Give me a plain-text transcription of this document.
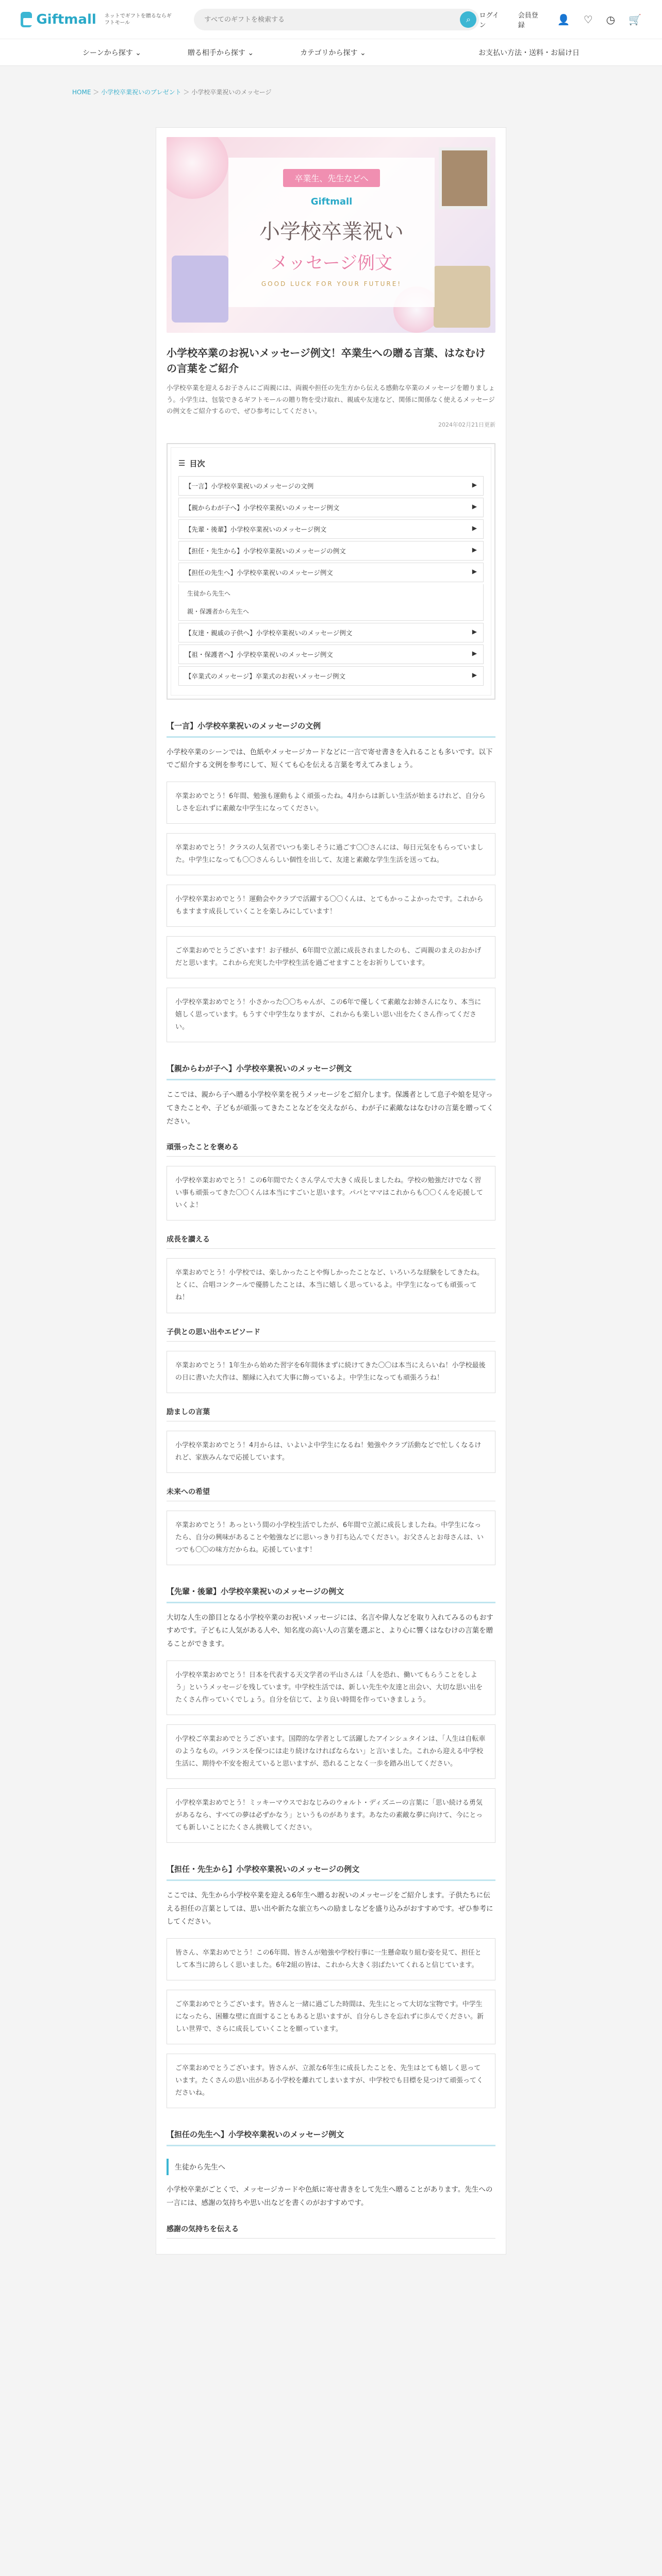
Giftmall ネットでギフトを贈るならギフトモール
すべてのギフトを検索する	⌕	ログイン
会員登録	👤 ♡ ◷ 🛒
シーンから探す ⌄	贈る相手から探す ⌄	カテゴリから探す ⌄	お支払い方法・送料・お届け日
HOME ＞ 小学校卒業祝いのプレゼント ＞ 小学校卒業祝いのメッセージ
卒業生、先生などへ
Giftmall
小学校卒業祝い
メッセージ例文
GOOD LUCK FOR YOUR FUTURE!
小学校卒業のお祝いメッセージ例文！卒業生への贈る言葉、はなむけの言葉をご紹介

小学校卒業を迎えるお子さんにご両親には、両親や担任の先生方から伝える感動な卒業のメッセージを贈りましょう。小学生は、包装できるギフトモールの贈り物を受け取れ、親戚や友達など、関係に関係なく使えるメッセージの例文をご紹介するので、ぜひ参考にしてください。

2024年02月21日更新
☰ 目次
【一言】小学校卒業祝いのメッセージの文例	▶
【親からわが子へ】小学校卒業祝いのメッセージ例文	▶
【先輩・後輩】小学校卒業祝いのメッセージ例文	▶
【担任・先生から】小学校卒業祝いのメッセージの例文	▶
【担任の先生へ】小学校卒業祝いのメッセージ例文	▶
生徒から先生へ
親・保護者から先生へ
【友達・親戚の子供へ】小学校卒業祝いのメッセージ例文	▶
【祖・保護者へ】小学校卒業祝いのメッセージ例文	▶
【卒業式のメッセージ】卒業式のお祝いメッセージ例文	▶
【一言】小学校卒業祝いのメッセージの文例

小学校卒業のシーンでは、色紙やメッセージカードなどに一言で寄せ書きを入れることも多いです。以下でご紹介する文例を参考にして、短くても心を伝える言葉を考えてみましょう。

卒業おめでとう！6年間、勉強も運動もよく頑張ったね。4月からは新しい生活が始まるけれど、自分らしさを忘れずに素敵な中学生になってください。
卒業おめでとう！クラスの人気者でいつも楽しそうに過ごす〇〇さんには、毎日元気をもらっていました。中学生になっても〇〇さんらしい個性を出して、友達と素敵な学生生活を送ってね。
小学校卒業おめでとう！運動会やクラブで活躍する〇〇くんは、とてもかっこよかったです。これからもますます成長していくことを楽しみにしています！
ご卒業おめでとうございます！お子様が、6年間で立派に成長されましたのも、ご両親のまえのおかげだと思います。これから充実した中学校生活を過ごせますことをお祈りしています。
小学校卒業おめでとう！小さかった〇〇ちゃんが、この6年で優しくて素敵なお姉さんになり、本当に嬉しく思っています。もうすぐ中学生なりますが、これからも楽しい思い出をたくさん作ってください。
【親からわが子へ】小学校卒業祝いのメッセージ例文

ここでは、親から子へ贈る小学校卒業を祝うメッセージをご紹介します。保護者として息子や娘を見守ってきたことや、子どもが頑張ってきたことなどを交えながら、わが子に素敵なはなむけの言葉を贈ってください。

頑張ったことを褒める
小学校卒業おめでとう！この6年間でたくさん学んで大きく成長しましたね。学校の勉強だけでなく習い事も頑張ってきた〇〇くんは本当にすごいと思います。パパとママはこれからも〇〇くんを応援していくよ！
成長を讃える
卒業おめでとう！小学校では、楽しかったことや悔しかったことなど、いろいろな経験をしてきたね。とくに、合唱コンクールで優勝したことは、本当に嬉しく思っているよ。中学生になっても頑張ってね！
子供との思い出やエピソード
卒業おめでとう！1年生から始めた習字を6年間休まずに続けてきた〇〇は本当にえらいね！小学校最後の日に書いた大作は、額縁に入れて大事に飾っているよ。中学生になっても頑張ろうね！
励ましの言葉
小学校卒業おめでとう！4月からは、いよいよ中学生になるね！勉強やクラブ活動などで忙しくなるけれど、家族みんなで応援しています。
未来への希望
卒業おめでとう！あっという間の小学校生活でしたが、6年間で立派に成長しましたね。中学生になったら、自分の興味があることや勉強などに思いっきり打ち込んでください。お父さんとお母さんは、いつでも〇〇の味方だからね。応援しています！
【先輩・後輩】小学校卒業祝いのメッセージの例文

大切な人生の節目となる小学校卒業のお祝いメッセージには、名言や偉人などを取り入れてみるのもおすすめです。子どもに人気がある人や、知名度の高い人の言葉を選ぶと、より心に響くはなむけの言葉を贈ることができます。

小学校卒業おめでとう！日本を代表する天文学者の平山さんは「人を恐れ、働いてもらうことをしよう」というメッセージを残しています。中学校生活では、新しい先生や友達と出会い、大切な思い出をたくさん作っていくでしょう。自分を信じて、より良い時間を作っていきましょう。
小学校ご卒業おめでとうございます。国際的な学者として活躍したアインシュタインは、「人生は自転車のようなもの。バランスを保つには走り続けなければならない」と言いました。これから迎える中学校生活に、期待や不安を抱えていると思いますが、恐れることなく一歩を踏み出してください。
小学校卒業おめでとう！ミッキーマウスでおなじみのウォルト・ディズニーの言葉に「思い続ける勇気があるなら、すべての夢は必ずかなう」というものがあります。あなたの素敵な夢に向けて、今にとっても新しいことにたくさん挑戦してください。
【担任・先生から】小学校卒業祝いのメッセージの例文

ここでは、先生から小学校卒業を迎える6年生へ贈るお祝いのメッセージをご紹介します。子供たちに伝える担任の言葉としては、思い出や新たな旅立ちへの励ましなどを盛り込みがおすすめです。ぜひ参考にしてください。

皆さん、卒業おめでとう！この6年間、皆さんが勉強や学校行事に一生懸命取り組む姿を見て、担任として本当に誇らしく思いました。6年2組の皆は、これから大きく羽ばたいてくれると信じています。
ご卒業おめでとうございます。皆さんと一緒に過ごした時間は、先生にとって大切な宝物です。中学生になったら、困難な壁に直面することもあると思いますが、自分らしさを忘れずに歩んでください。新しい世界で、さらに成長していくことを願っています。
ご卒業おめでとうございます。皆さんが、立派な6年生に成長したことを、先生はとても嬉しく思っています。たくさんの思い出がある小学校を離れてしまいますが、中学校でも目標を見つけて頑張ってくださいね。
【担任の先生へ】小学校卒業祝いのメッセージ例文
生徒から先生へ

小学校卒業がごとくで、メッセージカードや色紙に寄せ書きをして先生へ贈ることがあります。先生への一言には、感謝の気持ちや思い出などを書くのがおすすめです。

感謝の気持ちを伝える
